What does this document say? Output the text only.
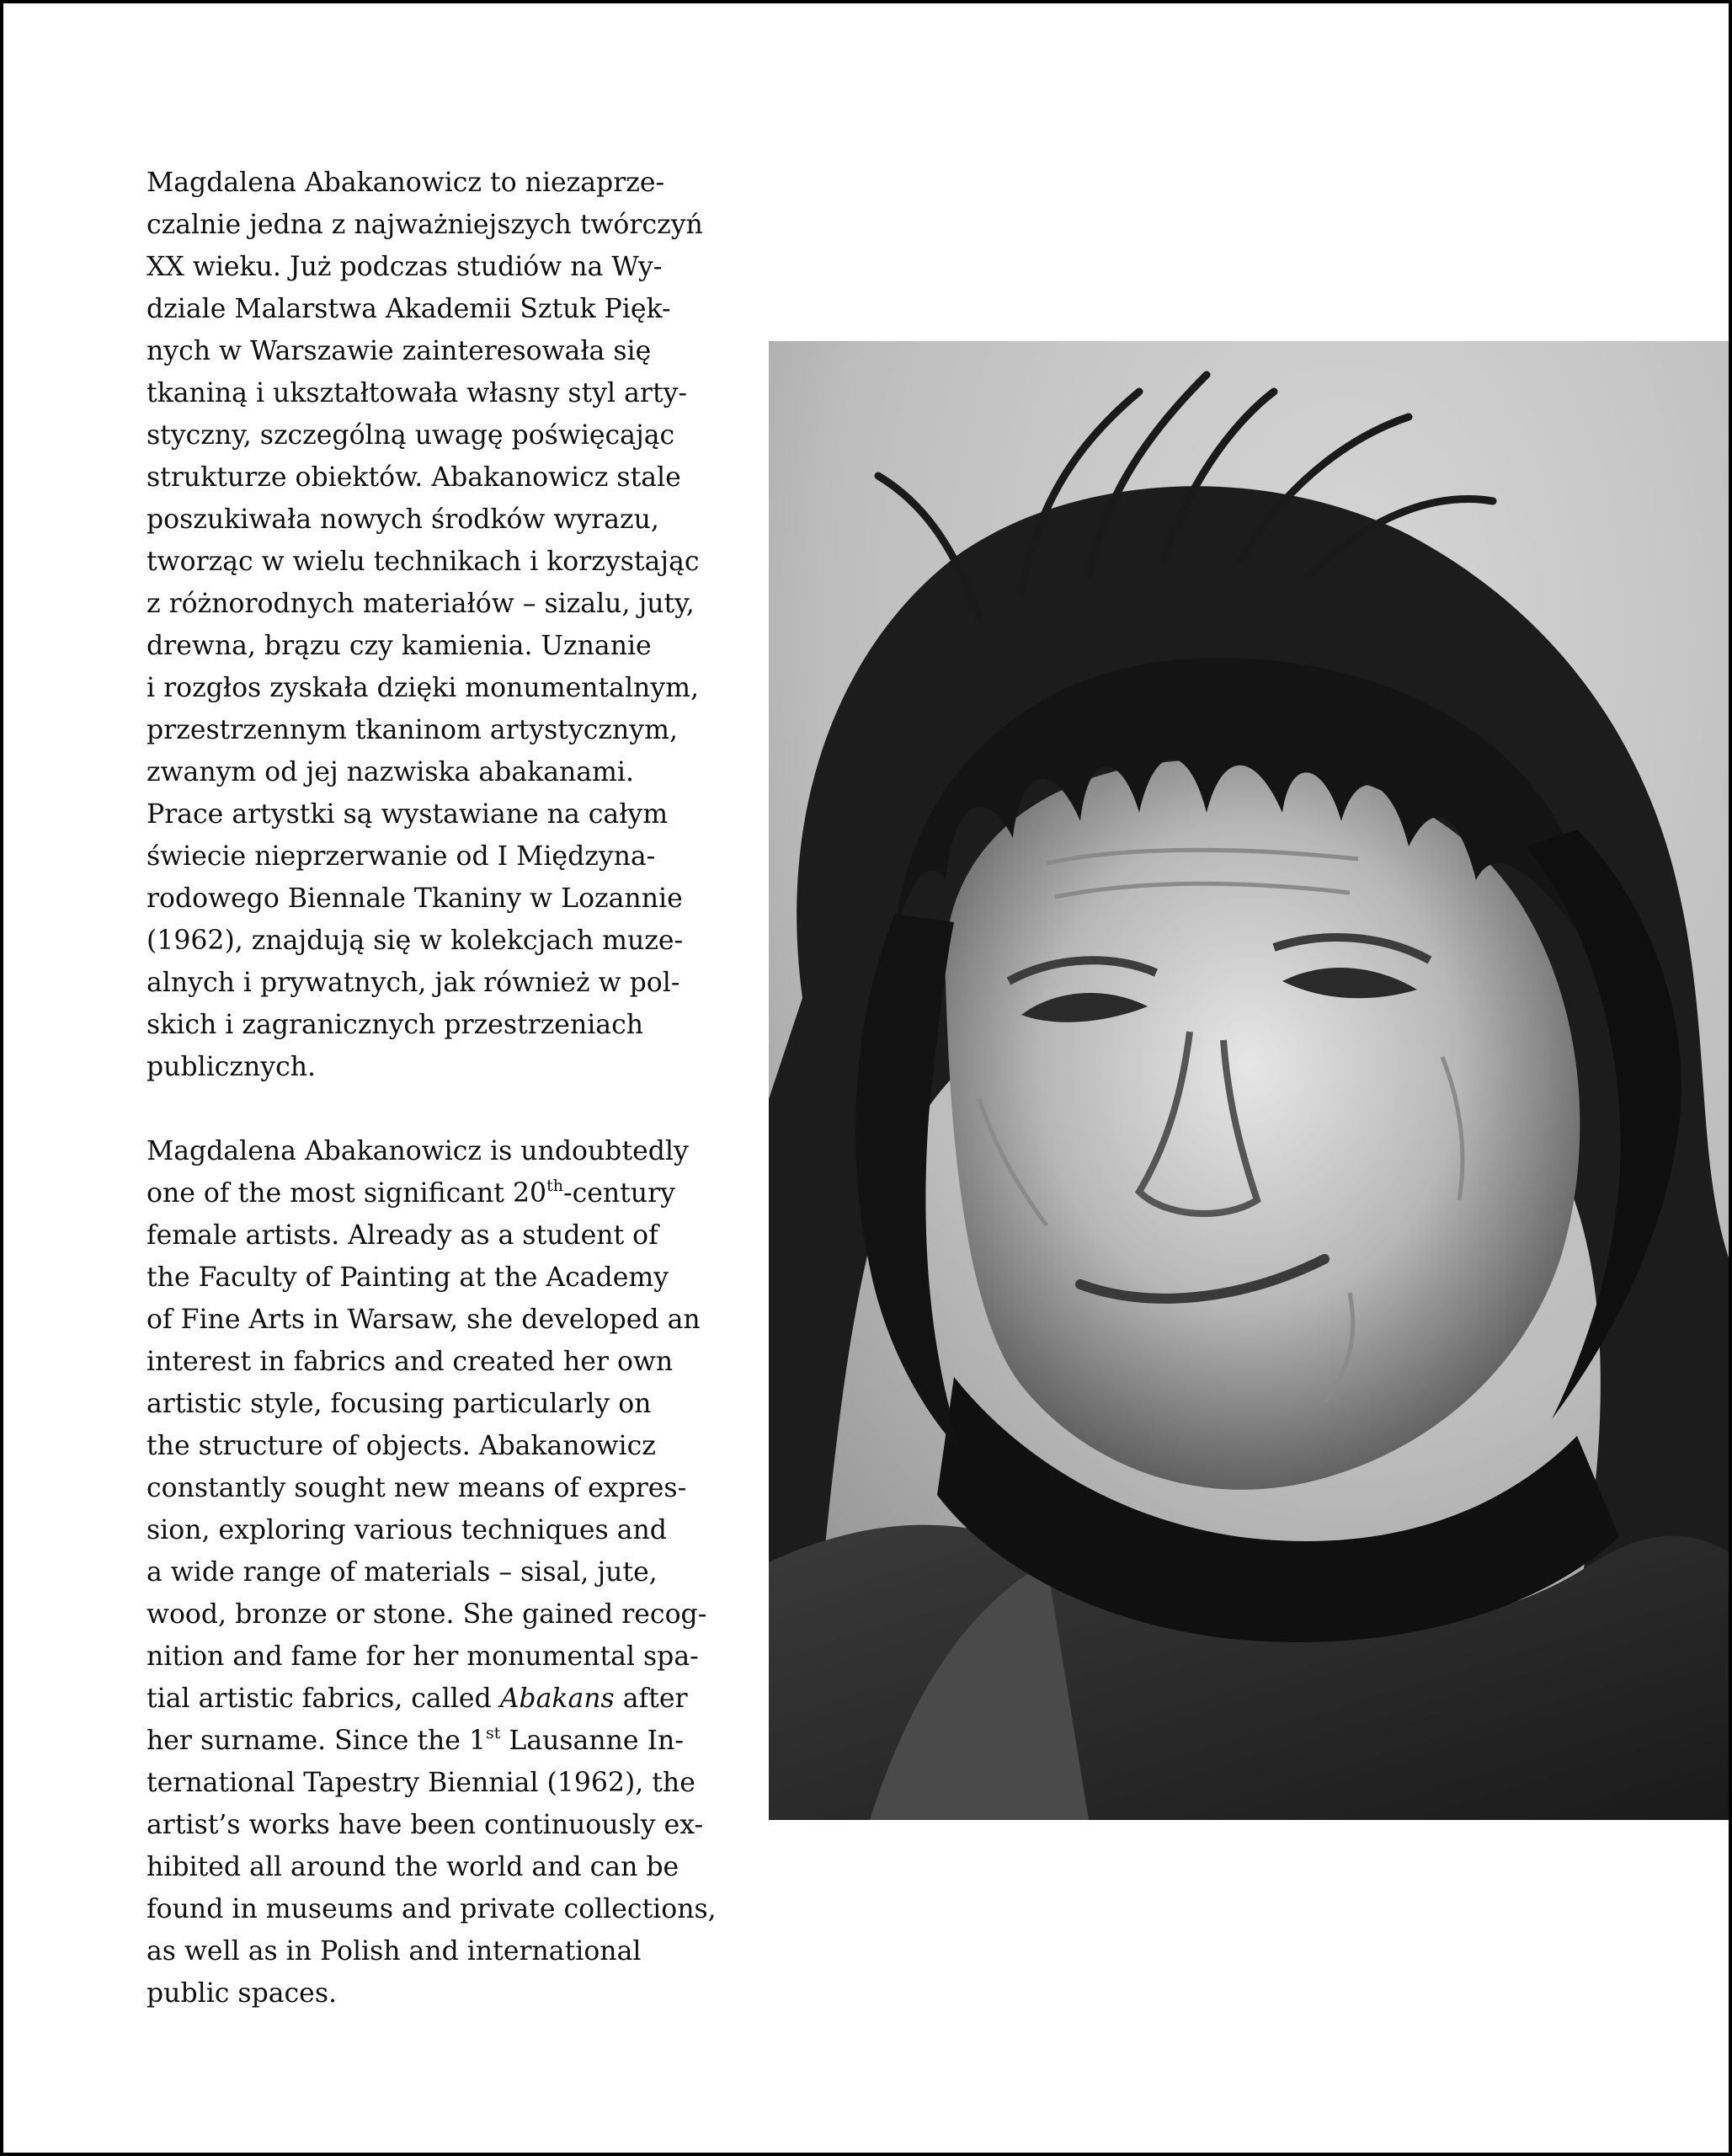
Magdalena Abakanowicz to niezaprze-
czalnie jedna z najważniejszych twórczyń
XX wieku. Już podczas studiów na Wy-
dziale Malarstwa Akademii Sztuk Pięk-
nych w Warszawie zainteresowała się
tkaniną i ukształtowała własny styl arty-
styczny, szczególną uwagę poświęcając
strukturze obiektów. Abakanowicz stale
poszukiwała nowych środków wyrazu,
tworząc w wielu technikach i korzystając
z różnorodnych materiałów – sizalu, juty,
drewna, brązu czy kamienia. Uznanie
i rozgłos zyskała dzięki monumentalnym,
przestrzennym tkaninom artystycznym,
zwanym od jej nazwiska abakanami.
Prace artystki są wystawiane na całym
świecie nieprzerwanie od I Międzyna-
rodowego Biennale Tkaniny w Lozannie
(1962), znajdują się w kolekcjach muze-
alnych i prywatnych, jak również w pol-
skich i zagranicznych przestrzeniach
publicznych.
Magdalena Abakanowicz is undoubtedly
one of the most significant 20th-century
female artists. Already as a student of
the Faculty of Painting at the Academy
of Fine Arts in Warsaw, she developed an
interest in fabrics and created her own
artistic style, focusing particularly on
the structure of objects. Abakanowicz
constantly sought new means of expres-
sion, exploring various techniques and
a wide range of materials – sisal, jute,
wood, bronze or stone. She gained recog-
nition and fame for her monumental spa-
tial artistic fabrics, called Abakans after
her surname. Since the 1st Lausanne In-
ternational Tapestry Biennial (1962), the
artist’s works have been continuously ex-
hibited all around the world and can be
found in museums and private collections,
as well as in Polish and international
public spaces.
